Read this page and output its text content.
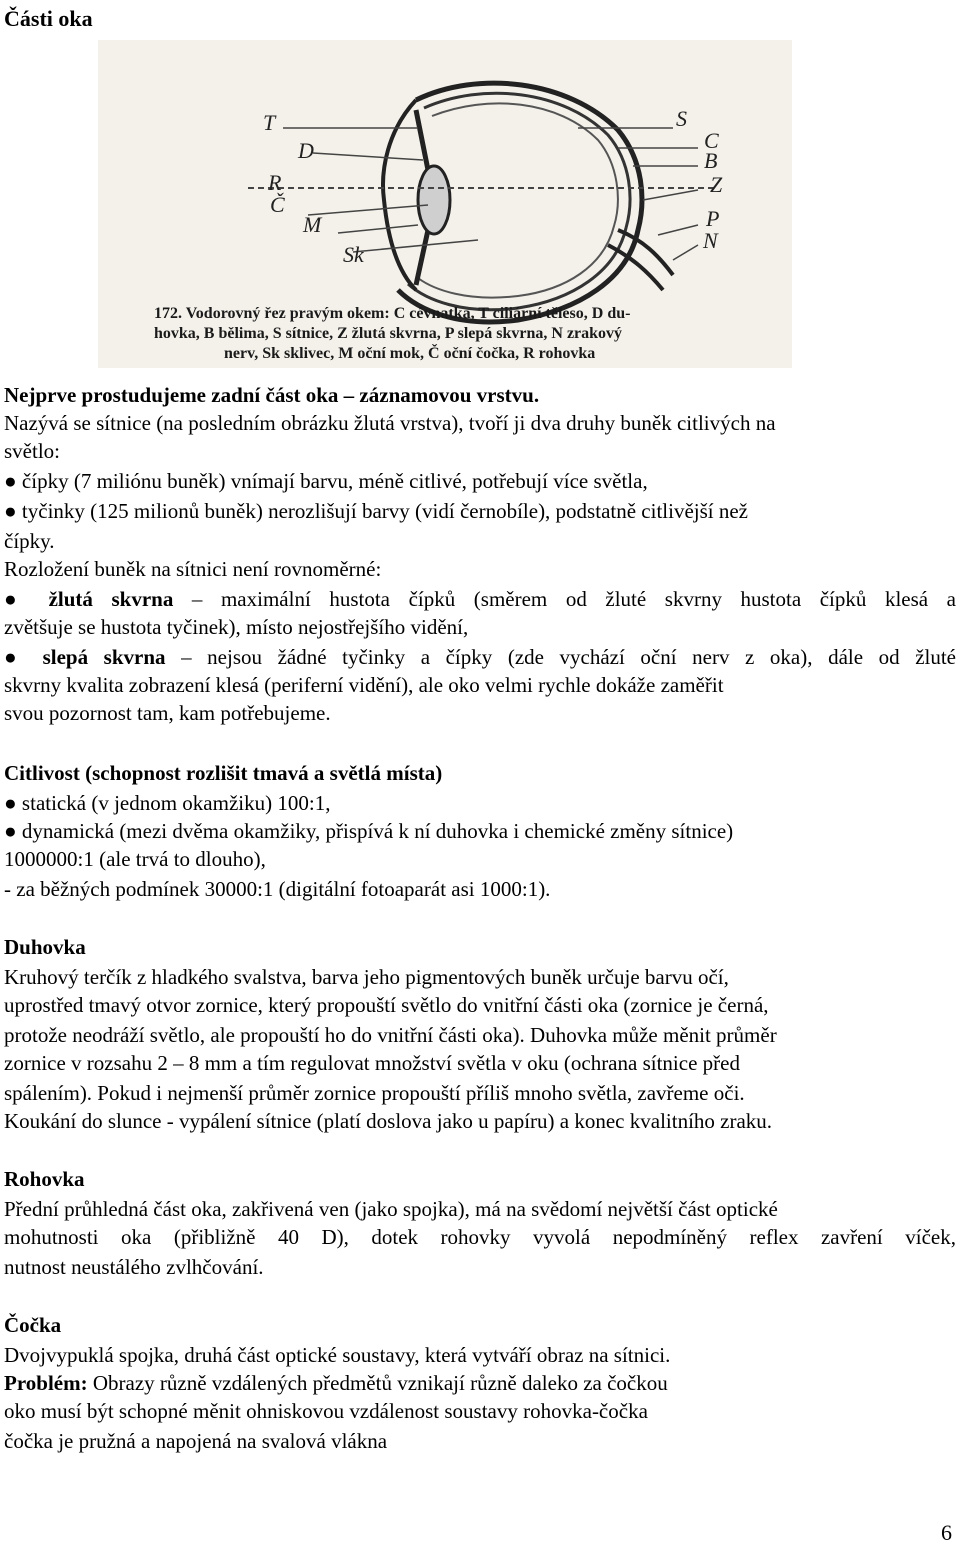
Části oka
T
D
R
Č
M
Sk
S
C
B
Z
P
N
172. Vodorovný řez pravým okem: C cévnatka, T ciliární těleso, D du-
hovka, B bělima, S sítnice, Z žlutá skvrna, P slepá skvrna, N zrakový
nerv, Sk sklivec, M oční mok, Č oční čočka, R rohovka
Nejprve prostudujeme zadní část oka – záznamovou vrstvu.
Nazývá se sítnice (na posledním obrázku žlutá vrstva), tvoří ji dva druhy buněk citlivých na
světlo:
● čípky (7 miliónu buněk) vnímají barvu, méně citlivé, potřebují více světla,
● tyčinky (125 milionů buněk) nerozlišují barvy (vidí černobíle), podstatně citlivější než
čípky.
Rozložení buněk na sítnici není rovnoměrné:
● žlutá skvrna – maximální hustota čípků (směrem od žluté skvrny hustota čípků klesá a
zvětšuje se hustota tyčinek), místo nejostřejšího vidění,
● slepá skvrna – nejsou žádné tyčinky a čípky (zde vychází oční nerv z oka), dále od žluté
skvrny kvalita zobrazení klesá (periferní vidění), ale oko velmi rychle dokáže zaměřit
svou pozornost tam, kam potřebujeme.
Citlivost (schopnost rozlišit tmavá a světlá místa)
● statická (v jednom okamžiku) 100:1,
● dynamická (mezi dvěma okamžiky, přispívá k ní duhovka i chemické změny sítnice)
1000000:1 (ale trvá to dlouho),
- za běžných podmínek 30000:1 (digitální fotoaparát asi 1000:1).
Duhovka
Kruhový terčík z hladkého svalstva, barva jeho pigmentových buněk určuje barvu očí,
uprostřed tmavý otvor zornice, který propouští světlo do vnitřní části oka (zornice je černá,
protože neodráží světlo, ale propouští ho do vnitřní části oka). Duhovka může měnit průměr
zornice v rozsahu 2 – 8 mm a tím regulovat množství světla v oku (ochrana sítnice před
spálením). Pokud i nejmenší průměr zornice propouští příliš mnoho světla, zavřeme oči.
Koukání do slunce - vypálení sítnice (platí doslova jako u papíru) a konec kvalitního zraku.
Rohovka
Přední průhledná část oka, zakřivená ven (jako spojka), má na svědomí největší část optické
mohutnosti oka (přibližně 40 D), dotek rohovky vyvolá nepodmíněný reflex zavření víček,
nutnost neustálého zvlhčování.
Čočka
Dvojvypuklá spojka, druhá část optické soustavy, která vytváří obraz na sítnici.
Problém: Obrazy různě vzdálených předmětů vznikají různě daleko za čočkou
oko musí být schopné měnit ohniskovou vzdálenost soustavy rohovka-čočka
čočka je pružná a napojená na svalová vlákna
6
